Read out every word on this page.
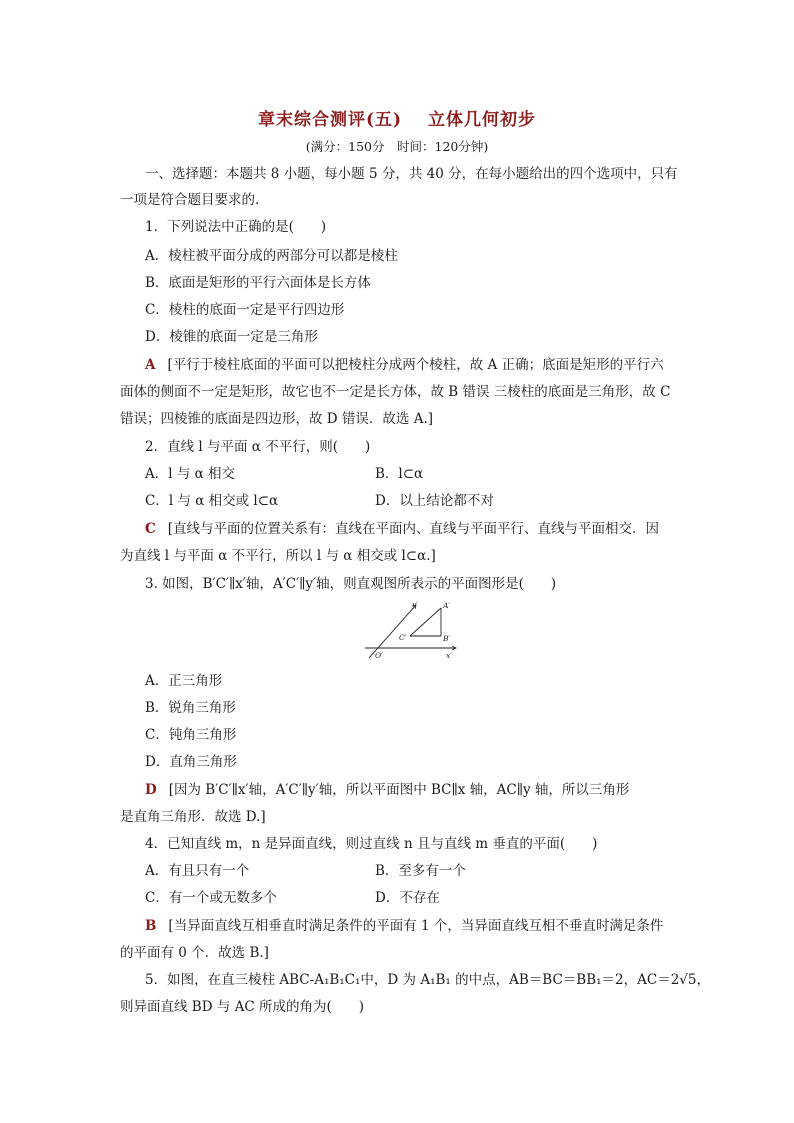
章末综合测评(五) 立体几何初步
(满分：150分　时间：120分钟)
一、选择题：本题共 8 小题，每小题 5 分，共 40 分，在每小题给出的四个选项中，只有
一项是符合题目要求的.
1．下列说法中正确的是(　　)
A．棱柱被平面分成的两部分可以都是棱柱
B．底面是矩形的平行六面体是长方体
C．棱柱的底面一定是平行四边形
D．棱锥的底面一定是三角形
A [平行于棱柱底面的平面可以把棱柱分成两个棱柱，故 A 正确；底面是矩形的平行六
面体的侧面不一定是矩形，故它也不一定是长方体，故 B 错误 三棱柱的底面是三角形，故 C
错误；四棱锥的底面是四边形，故 D 错误．故选 A.]
2．直线 l 与平面 α 不平行，则(　　)
A．l 与 α 相交	B．l⊂α
C．l 与 α 相交或 l⊂α	D．以上结论都不对
C [直线与平面的位置关系有：直线在平面内、直线与平面平行、直线与平面相交．因
为直线 l 与平面 α 不平行，所以 l 与 α 相交或 l⊂α.]
3. 如图，B′C′∥x′轴，A′C′∥y′轴，则直观图所表示的平面图形是(　　)
y′	A′
C′	B′
O′	x′
A．正三角形
B．锐角三角形
C．钝角三角形
D．直角三角形
D [因为 B′C′∥x′轴，A′C′∥y′轴，所以平面图中 BC∥x 轴，AC∥y 轴，所以三角形
是直角三角形．故选 D.]
4．已知直线 m，n 是异面直线，则过直线 n 且与直线 m 垂直的平面(　　)
A．有且只有一个	B．至多有一个
C．有一个或无数多个	D．不存在
B [当异面直线互相垂直时满足条件的平面有 1 个，当异面直线互相不垂直时满足条件
的平面有 0 个．故选 B.]
5．如图，在直三棱柱 ABC-A₁B₁C₁中，D 为 A₁B₁ 的中点，AB＝BC＝BB₁＝2，AC＝2√5，
则异面直线 BD 与 AC 所成的角为(　　)
